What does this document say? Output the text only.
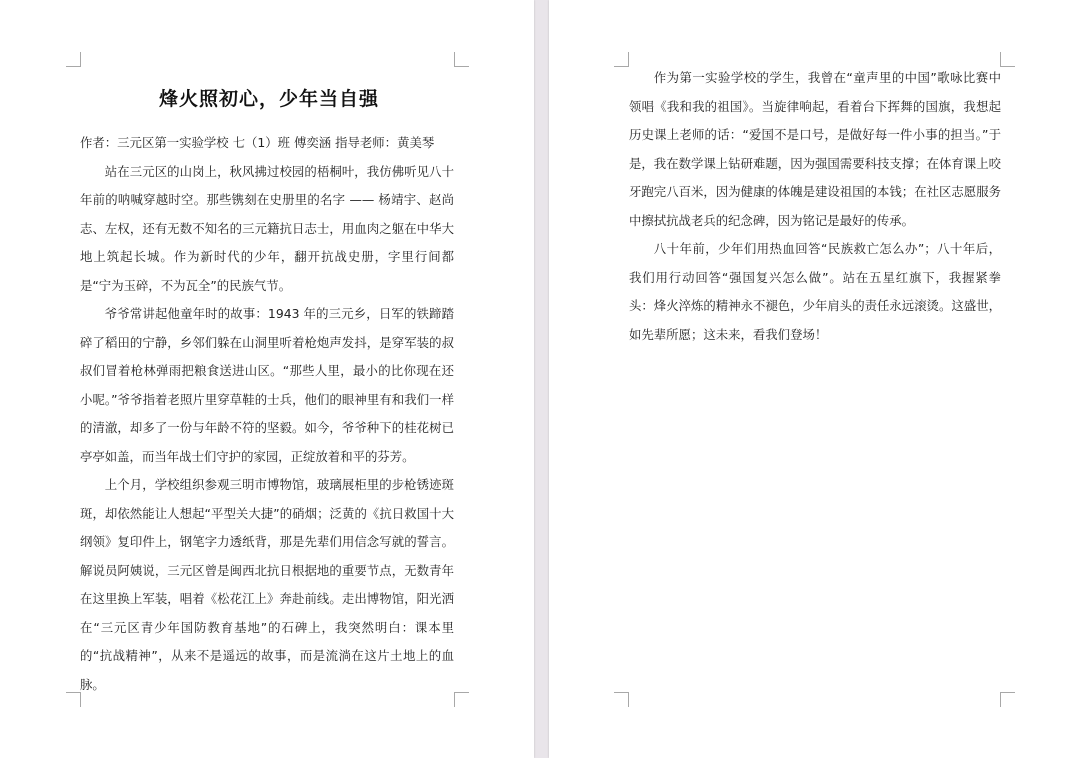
烽火照初心，少年当自强

作者：三元区第一实验学校 七（1）班 傅奕涵 指导老师：黄美琴

站在三元区的山岗上，秋风拂过校园的梧桐叶，我仿佛听见八十年前的呐喊穿越时空。那些镌刻在史册里的名字 —— 杨靖宇、赵尚志、左权，还有无数不知名的三元籍抗日志士，用血肉之躯在中华大地上筑起长城。作为新时代的少年，翻开抗战史册，字里行间都是“宁为玉碎，不为瓦全”的民族气节。

爷爷常讲起他童年时的故事：1943 年的三元乡，日军的铁蹄踏碎了稻田的宁静，乡邻们躲在山洞里听着枪炮声发抖，是穿军装的叔叔们冒着枪林弹雨把粮食送进山区。“那些人里，最小的比你现在还小呢。”爷爷指着老照片里穿草鞋的士兵，他们的眼神里有和我们一样的清澈，却多了一份与年龄不符的坚毅。如今，爷爷种下的桂花树已亭亭如盖，而当年战士们守护的家园，正绽放着和平的芬芳。

上个月，学校组织参观三明市博物馆，玻璃展柜里的步枪锈迹斑斑，却依然能让人想起“平型关大捷”的硝烟；泛黄的《抗日救国十大纲领》复印件上，钢笔字力透纸背，那是先辈们用信念写就的誓言。解说员阿姨说，三元区曾是闽西北抗日根据地的重要节点，无数青年在这里换上军装，唱着《松花江上》奔赴前线。走出博物馆，阳光洒在“三元区青少年国防教育基地”的石碑上，我突然明白：课本里的“抗战精神”，从来不是遥远的故事，而是流淌在这片土地上的血脉。

作为第一实验学校的学生，我曾在“童声里的中国”歌咏比赛中领唱《我和我的祖国》。当旋律响起，看着台下挥舞的国旗，我想起历史课上老师的话：“爱国不是口号，是做好每一件小事的担当。”于是，我在数学课上钻研难题，因为强国需要科技支撑；在体育课上咬牙跑完八百米，因为健康的体魄是建设祖国的本钱；在社区志愿服务中擦拭抗战老兵的纪念碑，因为铭记是最好的传承。

八十年前，少年们用热血回答“民族救亡怎么办”；八十年后，我们用行动回答“强国复兴怎么做”。站在五星红旗下，我握紧拳头：烽火淬炼的精神永不褪色，少年肩头的责任永远滚烫。这盛世，如先辈所愿；这未来，看我们登场！
